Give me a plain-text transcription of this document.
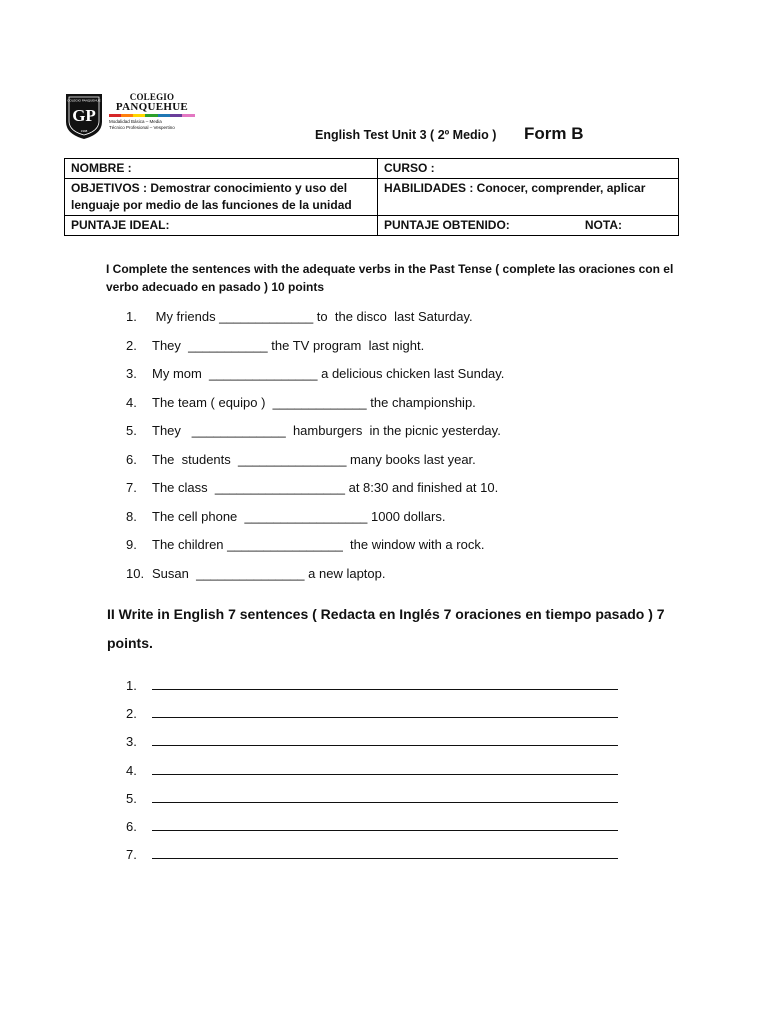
GP
COLEGIO PANQUEHUE
1998
COLEGIO
PANQUEHUE
Modalidad Básica – Media
Técnico Profesional – Vespertino
English Test Unit 3 ( 2º Medio ) Form B
NOMBRE :	CURSO :
OBJETIVOS : Demostrar conocimiento y uso del lenguaje por medio de las funciones de la unidad	HABILIDADES : Conocer, comprender, aplicar
PUNTAJE IDEAL:	PUNTAJE OBTENIDO: NOTA:
I Complete the sentences with the adequate verbs in the Past Tense ( complete las oraciones con el verbo adecuado en pasado ) 10 points
1. My friends _____________ to  the disco  last Saturday.
2. They  ___________ the TV program  last night.
3. My mom  _______________ a delicious chicken last Sunday.
4. The team ( equipo )  _____________ the championship.
5. They   _____________  hamburgers  in the picnic yesterday.
6. The  students  _______________ many books last year.
7. The class  __________________ at 8:30 and finished at 10.
8. The cell phone  _________________ 1000 dollars.
9. The children ________________  the window with a rock.
10. Susan  _______________ a new laptop.
II Write in English 7 sentences ( Redacta en Inglés 7 oraciones en tiempo pasado ) 7 points.
1.
2.
3.
4.
5.
6.
7.
